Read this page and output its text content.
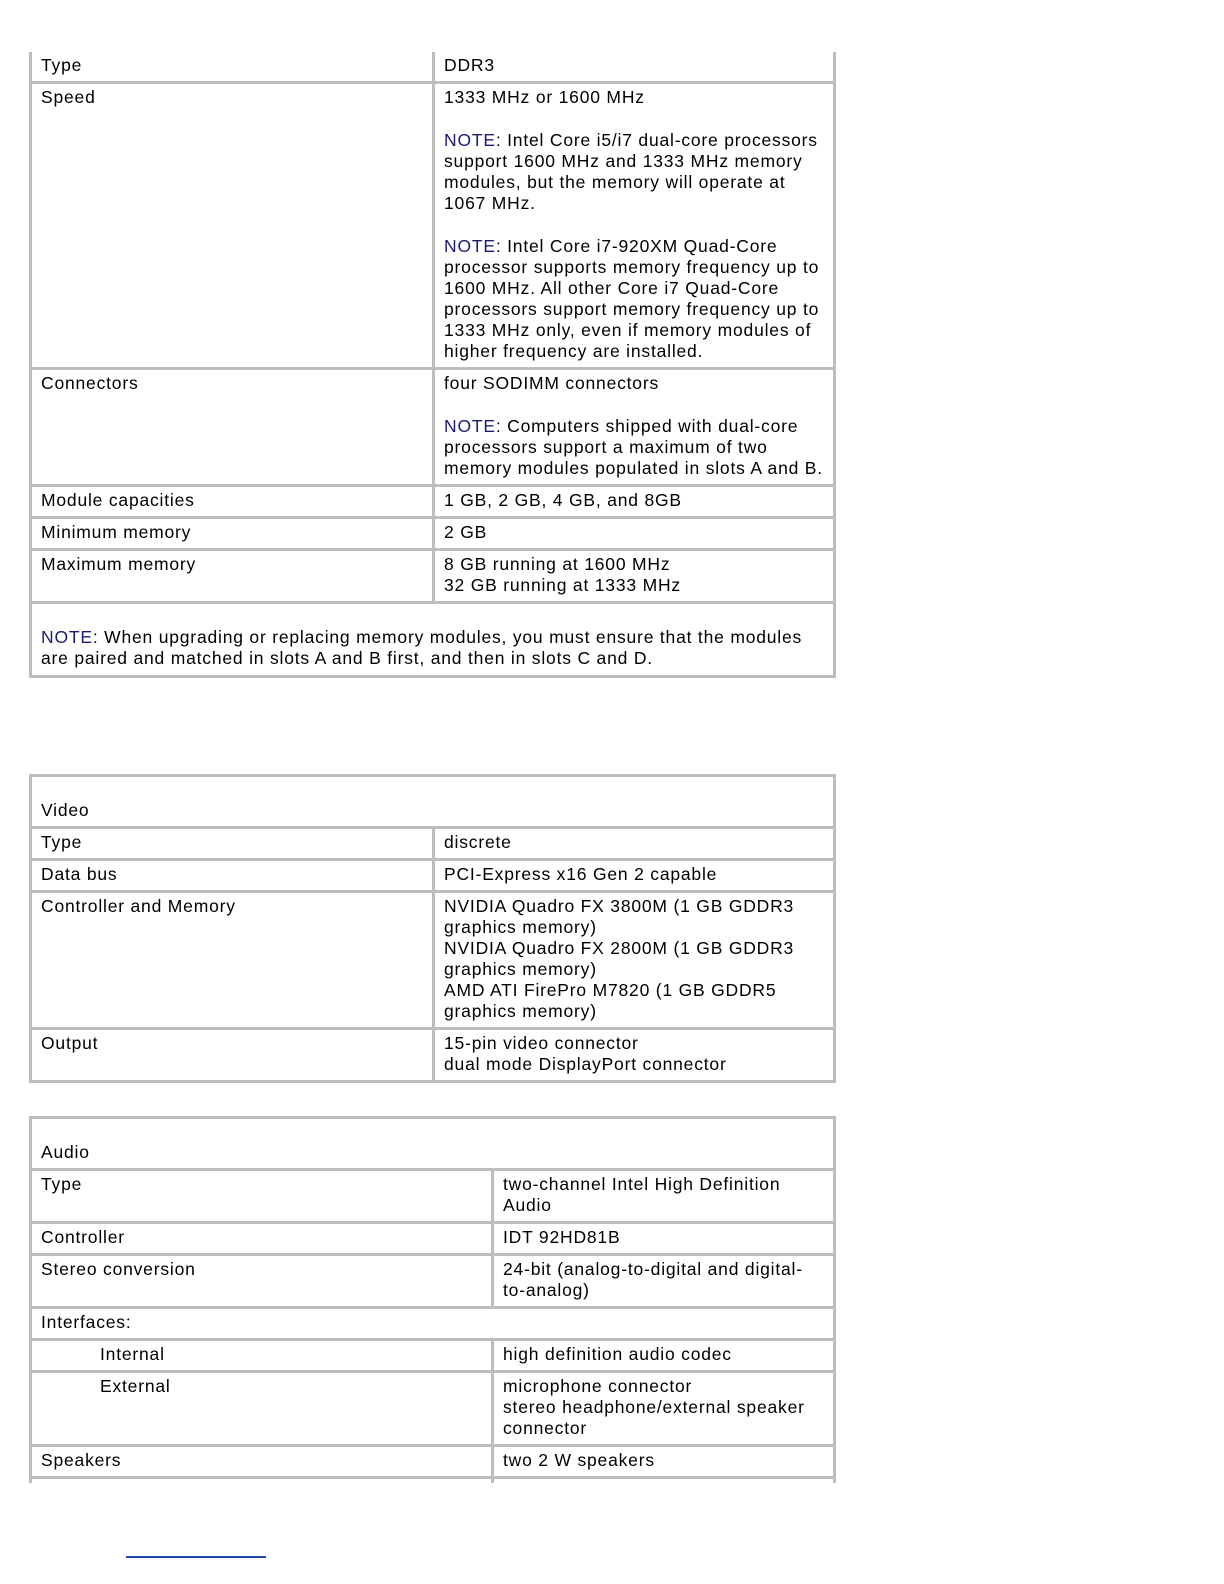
Type	DDR3
Speed	1333 MHz or 1600 MHz
NOTE: Intel Core i5/i7 dual-core processors support 1600 MHz and 1333 MHz memory modules, but the memory will operate at 1067 MHz.
NOTE: Intel Core i7-920XM Quad-Core processor supports memory frequency up to 1600 MHz. All other Core i7 Quad-Core processors support memory frequency up to 1333 MHz only, even if memory modules of higher frequency are installed.

Connectors	four SODIMM connectors
NOTE: Computers shipped with dual-core processors support a maximum of two memory modules populated in slots A and B.

Module capacities	1 GB, 2 GB, 4 GB, and 8GB
Minimum memory	2 GB
Maximum memory	8 GB running at 1600 MHz
32 GB running at 1333 MHz

NOTE: When upgrading or replacing memory modules, you must ensure that the modules are paired and matched in slots A and B first, and then in slots C and D.	
Video	
Type	discrete
Data bus	PCI-Express x16 Gen 2 capable
Controller and Memory	NVIDIA Quadro FX 3800M (1 GB GDDR3 graphics memory)
NVIDIA Quadro FX 2800M (1 GB GDDR3 graphics memory)
AMD ATI FirePro M7820 (1 GB GDDR5 graphics memory)

Output	15-pin video connector
dual mode DisplayPort connector
Audio	
Type	two-channel Intel High Definition Audio
Controller	IDT 92HD81B
Stereo conversion	24-bit (analog-to-digital and digital-to-analog)
Interfaces:	
Internal	high definition audio codec
External	microphone connector
stereo headphone/external speaker connector

Speakers	two 2 W speakers
